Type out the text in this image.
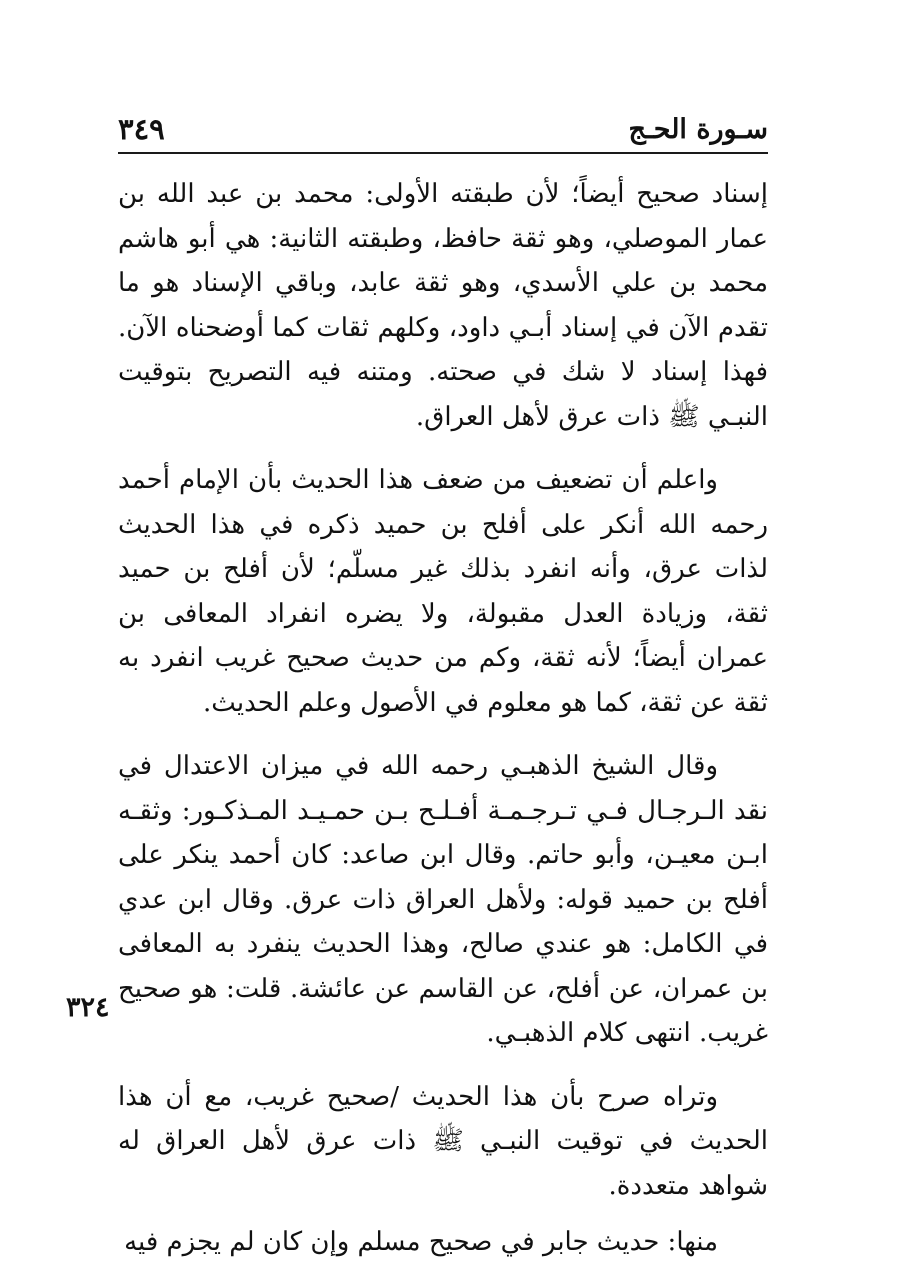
سـورة الحـج
٣٤٩

إسناد صحيح أيضاً؛ لأن طبقته الأولى: محمد بن عبد الله بن عمار الموصلي، وهو ثقة حافظ، وطبقته الثانية: هي أبو هاشم محمد بن علي الأسدي، وهو ثقة عابد، وباقي الإسناد هو ما تقدم الآن في إسناد أبـي داود، وكلهم ثقات كما أوضحناه الآن. فهذا إسناد لا شك في صحته. ومتنه فيه التصريح بتوقيت النبـي ﷺ ذات عرق لأهل العراق.

واعلم أن تضعيف من ضعف هذا الحديث بأن الإمام أحمد رحمه الله أنكر على أفلح بن حميد ذكره في هذا الحديث لذات عرق، وأنه انفرد بذلك غير مسلّم؛ لأن أفلح بن حميد ثقة، وزيادة العدل مقبولة، ولا يضره انفراد المعافى بن عمران أيضاً؛ لأنه ثقة، وكم من حديث صحيح غريب انفرد به ثقة عن ثقة، كما هو معلوم في الأصول وعلم الحديث.

وقال الشيخ الذهبـي رحمه الله في ميزان الاعتدال في نقد الـرجـال فـي تـرجـمـة أفـلـح بـن حمـيـد المـذكـور: وثقـه ابـن معيـن، وأبو حاتم. وقال ابن صاعد: كان أحمد ينكر على أفلح بن حميد قوله: ولأهل العراق ذات عرق. وقال ابن عدي في الكامل: هو عندي صالح، وهذا الحديث ينفرد به المعافى بن عمران، عن أفلح، عن القاسم عن عائشة. قلت: هو صحيح غريب. انتهى كلام الذهبـي.

وتراه صرح بأن هذا الحديث /صحيح غريب، مع أن هذا الحديث في توقيت النبـي ﷺ ذات عرق لأهل العراق له شواهد متعددة.

منها: حديث جابر في صحيح مسلم وإن كان لم يجزم فيه

٣٢٤
